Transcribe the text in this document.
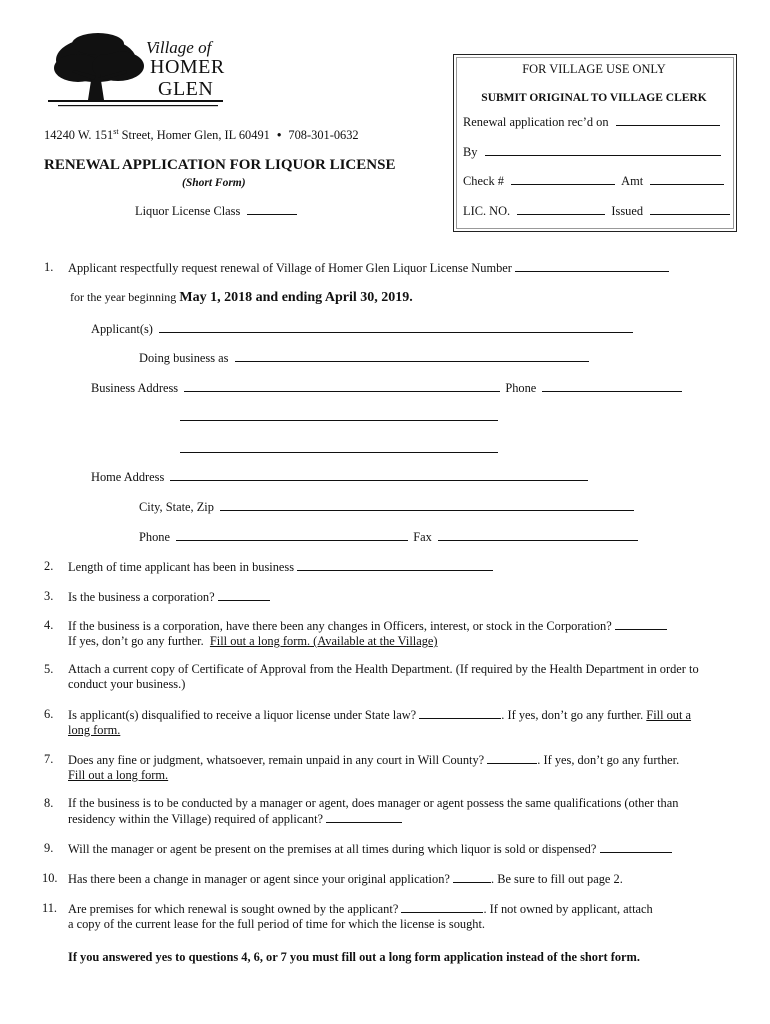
Village of
HOMER
GLEN
14240 W. 151st Street, Homer Glen, IL 60491 • 708-301-0632
RENEWAL APPLICATION FOR LIQUOR LICENSE
(Short Form)
Liquor License Class
FOR VILLAGE USE ONLY
SUBMIT ORIGINAL TO VILLAGE CLERK
Renewal application rec’d on
By
Check #	Amt
LIC. NO.	Issued
1. Applicant respectfully request renewal of Village of Homer Glen Liquor License Number
for the year beginning May 1, 2018 and ending April 30, 2019.
Applicant(s)
Doing business as
Business Address	Phone
Home Address
City, State, Zip
Phone	Fax
2. Length of time applicant has been in business
3. Is the business a corporation?
4. If the business is a corporation, have there been any changes in Officers, interest, or stock in the Corporation?
If yes, don’t go any further. Fill out a long form. (Available at the Village)
5. Attach a current copy of Certificate of Approval from the Health Department. (If required by the Health Department in order to
conduct your business.)
6. Is applicant(s) disqualified to receive a liquor license under State law?	. If yes, don’t go any further. Fill out a
long form.
7. Does any fine or judgment, whatsoever, remain unpaid in any court in Will County?	. If yes, don’t go any further.
Fill out a long form.
8. If the business is to be conducted by a manager or agent, does manager or agent possess the same qualifications (other than
residency within the Village) required of applicant?
9. Will the manager or agent be present on the premises at all times during which liquor is sold or dispensed?
10. Has there been a change in manager or agent since your original application?	. Be sure to fill out page 2.
11. Are premises for which renewal is sought owned by the applicant?	. If not owned by applicant, attach
a copy of the current lease for the full period of time for which the license is sought.
If you answered yes to questions 4, 6, or 7 you must fill out a long form application instead of the short form.
